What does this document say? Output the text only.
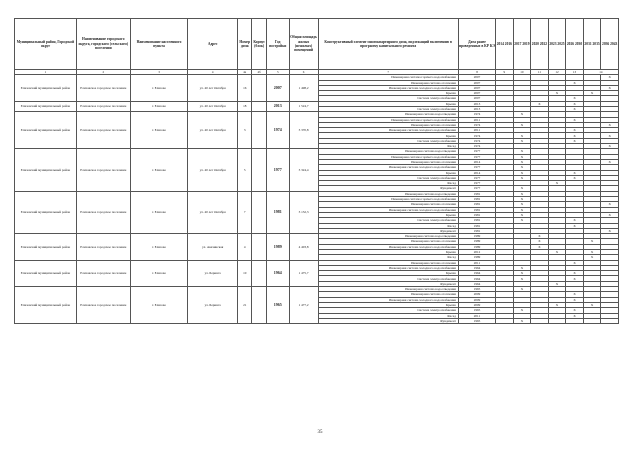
Муниципальный район, Городской округ	Наименование городского округа, городского (сельского) поселения	Наименование населенного пункта	Адрес	Номер дома	Корпус (блок)	Год постройки	Общая площадь жилых (нежилых) помещений	Конструктивный элемент многоквартирного дома, подлежащий включению в программу капитального ремонта	Дата ранее проведенных в КР КЭ	2014 2016	2017 2019	2020 2022	2023 2025	2026 2030	2031 2035	2036 2043
1	2	3	4	4а	4б	5	6	7	8	9	10	11	12	13	14	
Елизовский муниципальный район	Елизовское городское поселение	г. Елизово	ул. 40 лет Октября	16		2007	1 498,2	Инженерная система горячего водоснабжения	2007							X
								Инженерная система отопления	2007					X		
								Инженерная система холодного водоснабжения	2007							X
								Крыша	2007				X		X	
								Система электроснабжения	2007					X		
Елизовский муниципальный район	Елизовское городское поселение	г. Елизово	ул. 40 лет Октября	18		2013	1 524,7	Крыша	2013			X		X		
								Система электроснабжения	2013					X		
Елизовский муниципальный район	Елизовское городское поселение	г. Елизово	ул. 40 лет Октября	3		1974	3 370,8	Инженерная система водоотведения	1974		X					
								Инженерная система горячего водоснабжения	2011					X		
								Инженерная система отопления	1974		X					X
								Инженерная система холодного водоснабжения	2011					X		
								Крыша	1974		X			X		X
								Система электроснабжения	1974		X			X		
								Фасад	1974							X
Елизовский муниципальный район	Елизовское городское поселение	г. Елизово	ул. 40 лет Октября	5		1977	3 324,4	Инженерная система водоотведения	1977		X					
								Инженерная система горячего водоснабжения	1977		X					
								Инженерная система отопления	2014		X					X
								Инженерная система холодного водоснабжения	1977		X					
								Крыша	2014		X			X		
								Система электроснабжения	1977		X			X		
								Фасад	1977				X			
								Фундамент	1977		X					
Елизовский муниципальный район	Елизовское городское поселение	г. Елизово	ул. 40 лет Октября	7		1981	3 132,3	Инженерная система водоотведения	1981		X					
								Инженерная система горячего водоснабжения	1981		X					
								Инженерная система отопления	1981		X					X
								Инженерная система холодного водоснабжения	1981		X					
								Крыша	1981		X					X
								Система электроснабжения	1981		X			X		
								Фасад	1981					X		
								Фундамент	1981							X
Елизовский муниципальный район	Елизовское городское поселение	г. Елизово	ул. Авачинская	4		1989	4 403,8	Инженерная система водоотведения	1989			X				
								Инженерная система отопления	1989			X			X	
								Инженерная система холодного водоснабжения	1989			X				
								Крыша	2012				X		X	
								Фасад	1989						X	
Елизовский муниципальный район	Елизовское городское поселение	г. Елизово	ул. Беринга	10		1964	1 475,7	Инженерная система отопления	2011					X		
								Инженерная система холодного водоснабжения	1964		X					
								Крыша	1964		X			X		
								Система электроснабжения	1964		X			X		
								Фундамент	1964				X			
Елизовский муниципальный район	Елизовское городское поселение	г. Елизово	ул. Беринга	21		1965	1 477,2	Инженерная система водоотведения	1965		X					
								Инженерная система отопления	2009					X		
								Инженерная система холодного водоснабжения	2009					X		
								Крыша	2009				X		X	
								Система электроснабжения	1965		X			X		
								Фасад	2011					X		
								Фундамент	1965		X					
35
